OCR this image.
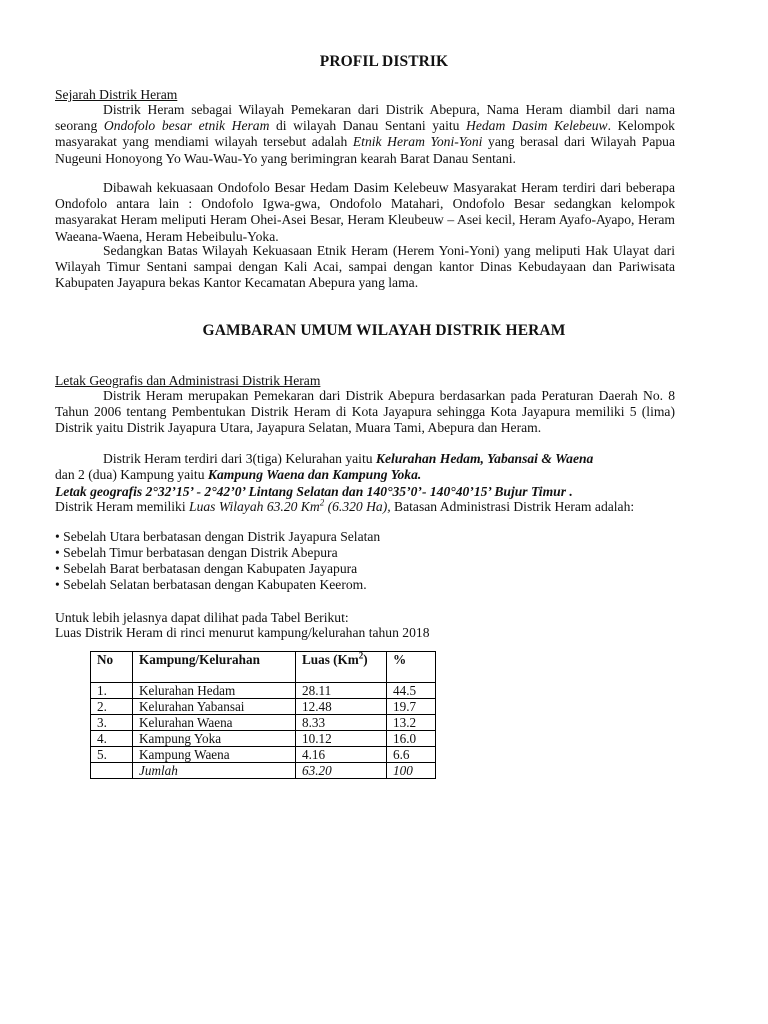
PROFIL DISTRIK
Sejarah Distrik Heram

Distrik Heram sebagai Wilayah Pemekaran dari Distrik Abepura, Nama Heram diambil dari nama seorang Ondofolo besar etnik Heram di wilayah Danau Sentani yaitu Hedam Dasim Kelebeuw. Kelompok masyarakat yang mendiami wilayah tersebut adalah Etnik Heram Yoni-Yoni yang berasal dari Wilayah Papua Nugeuni Honoyong Yo Wau-Wau-Yo yang berimingran kearah Barat Danau Sentani.

Dibawah kekuasaan Ondofolo Besar Hedam Dasim Kelebeuw Masyarakat Heram terdiri dari beberapa Ondofolo antara lain : Ondofolo Igwa-gwa, Ondofolo Matahari, Ondofolo Besar sedangkan kelompok masyarakat Heram meliputi Heram Ohei-Asei Besar, Heram Kleubeuw – Asei kecil, Heram Ayafo-Ayapo, Heram Waeana-Waena, Heram Hebeibulu-Yoka.

Sedangkan Batas Wilayah Kekuasaan Etnik Heram (Herem Yoni-Yoni) yang meliputi Hak Ulayat dari Wilayah Timur Sentani sampai dengan Kali Acai, sampai dengan kantor Dinas Kebudayaan dan Pariwisata Kabupaten Jayapura bekas Kantor Kecamatan Abepura yang lama.

GAMBARAN UMUM WILAYAH DISTRIK HERAM
Letak Geografis dan Administrasi Distrik Heram

Distrik Heram merupakan Pemekaran dari Distrik Abepura berdasarkan pada Peraturan Daerah No. 8 Tahun 2006 tentang Pembentukan Distrik Heram di Kota Jayapura sehingga Kota Jayapura memiliki 5 (lima) Distrik yaitu Distrik Jayapura Utara, Jayapura Selatan, Muara Tami, Abepura dan Heram.

Distrik Heram terdiri dari 3(tiga) Kelurahan yaitu Kelurahan Hedam, Yabansai & Waena
dan 2 (dua) Kampung yaitu Kampung Waena dan Kampung Yoka.

Letak geografis 2°32’15’ - 2°42’0’ Lintang Selatan dan 140°35’0’- 140°40’15’ Bujur Timur .

Distrik Heram memiliki Luas Wilayah 63.20 Km$^2$ (6.320 Ha), Batasan Administrasi Distrik Heram adalah:

• Sebelah Utara berbatasan dengan Distrik Jayapura Selatan
• Sebelah Timur berbatasan dengan Distrik Abepura
• Sebelah Barat berbatasan dengan Kabupaten Jayapura
• Sebelah Selatan berbatasan dengan Kabupaten Keerom.
Untuk lebih jelasnya dapat dilihat pada Tabel Berikut:
Luas Distrik Heram di rinci menurut kampung/kelurahan tahun 2018
No	Kampung/Kelurahan	Luas (Km$^2$)	%
1.	Kelurahan Hedam	28.11	44.5
2.	Kelurahan Yabansai	12.48	19.7
3.	Kelurahan Waena	8.33	13.2
4.	Kampung Yoka	10.12	16.0
5.	Kampung Waena	4.16	6.6
	Jumlah	63.20	100
